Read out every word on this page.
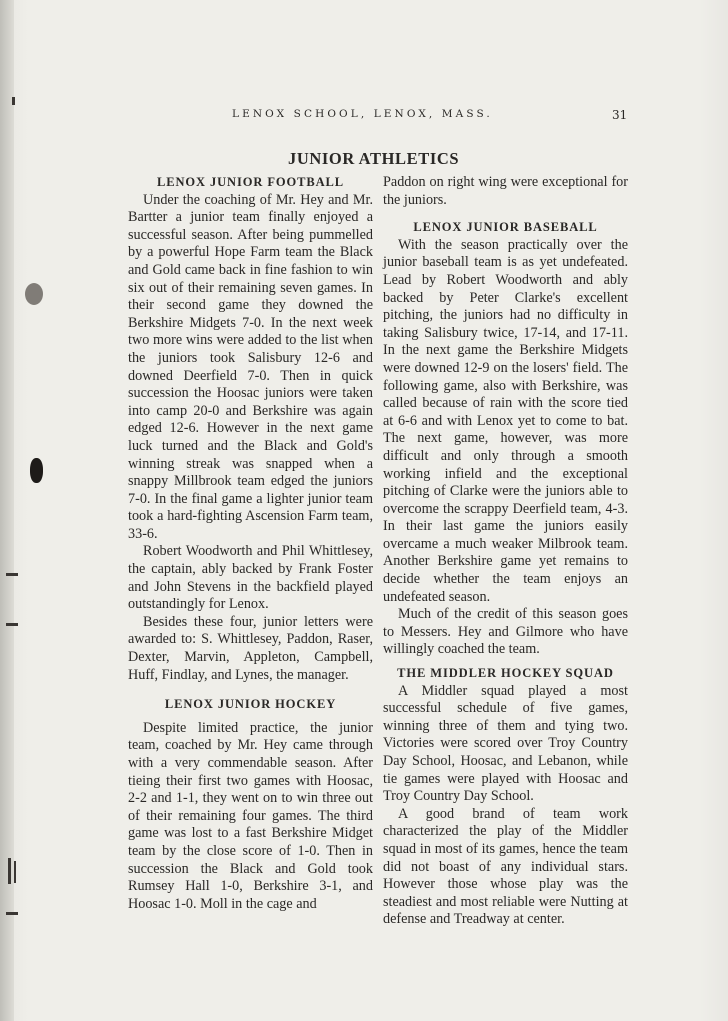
LENOX SCHOOL, LENOX, MASS.	31
JUNIOR ATHLETICS
LENOX JUNIOR FOOTBALL

Under the coaching of Mr. Hey and Mr. Bartter a junior team finally enjoyed a successful season. After being pummelled by a powerful Hope Farm team the Black and Gold came back in fine fashion to win six out of their remaining seven games. In their second game they downed the Berkshire Midgets 7-0. In the next week two more wins were added to the list when the juniors took Salisbury 12-6 and downed Deerfield 7-0. Then in quick succession the Hoosac juniors were taken into camp 20-0 and Berkshire was again edged 12-6. However in the next game luck turned and the Black and Gold's winning streak was snapped when a snappy Millbrook team edged the juniors 7-0. In the final game a lighter junior team took a hard-fighting Ascension Farm team, 33-6.

Robert Woodworth and Phil Whittlesey, the captain, ably backed by Frank Foster and John Stevens in the backfield played outstandingly for Lenox.

Besides these four, junior letters were awarded to: S. Whittlesey, Paddon, Raser, Dexter, Marvin, Appleton, Campbell, Huff, Findlay, and Lynes, the manager.

LENOX JUNIOR HOCKEY

Despite limited practice, the junior team, coached by Mr. Hey came through with a very commendable season. After tieing their first two games with Hoosac, 2-2 and 1-1, they went on to win three out of their remaining four games. The third game was lost to a fast Berkshire Midget team by the close score of 1-0. Then in succession the Black and Gold took Rumsey Hall 1-0, Berkshire 3-1, and Hoosac 1-0. Moll in the cage and

Paddon on right wing were exceptional for the juniors.

LENOX JUNIOR BASEBALL

With the season practically over the junior baseball team is as yet undefeated. Lead by Robert Woodworth and ably backed by Peter Clarke's excellent pitching, the juniors had no difficulty in taking Salisbury twice, 17-14, and 17-11. In the next game the Berkshire Midgets were downed 12-9 on the losers' field. The following game, also with Berkshire, was called because of rain with the score tied at 6-6 and with Lenox yet to come to bat. The next game, however, was more difficult and only through a smooth working infield and the exceptional pitching of Clarke were the juniors able to overcome the scrappy Deerfield team, 4-3. In their last game the juniors easily overcame a much weaker Milbrook team. Another Berkshire game yet remains to decide whether the team enjoys an undefeated season.

Much of the credit of this season goes to Messers. Hey and Gilmore who have willingly coached the team.

THE MIDDLER HOCKEY SQUAD

A Middler squad played a most successful schedule of five games, winning three of them and tying two. Victories were scored over Troy Country Day School, Hoosac, and Lebanon, while tie games were played with Hoosac and Troy Country Day School.

A good brand of team work characterized the play of the Middler squad in most of its games, hence the team did not boast of any individual stars. However those whose play was the steadiest and most reliable were Nutting at defense and Treadway at center.
